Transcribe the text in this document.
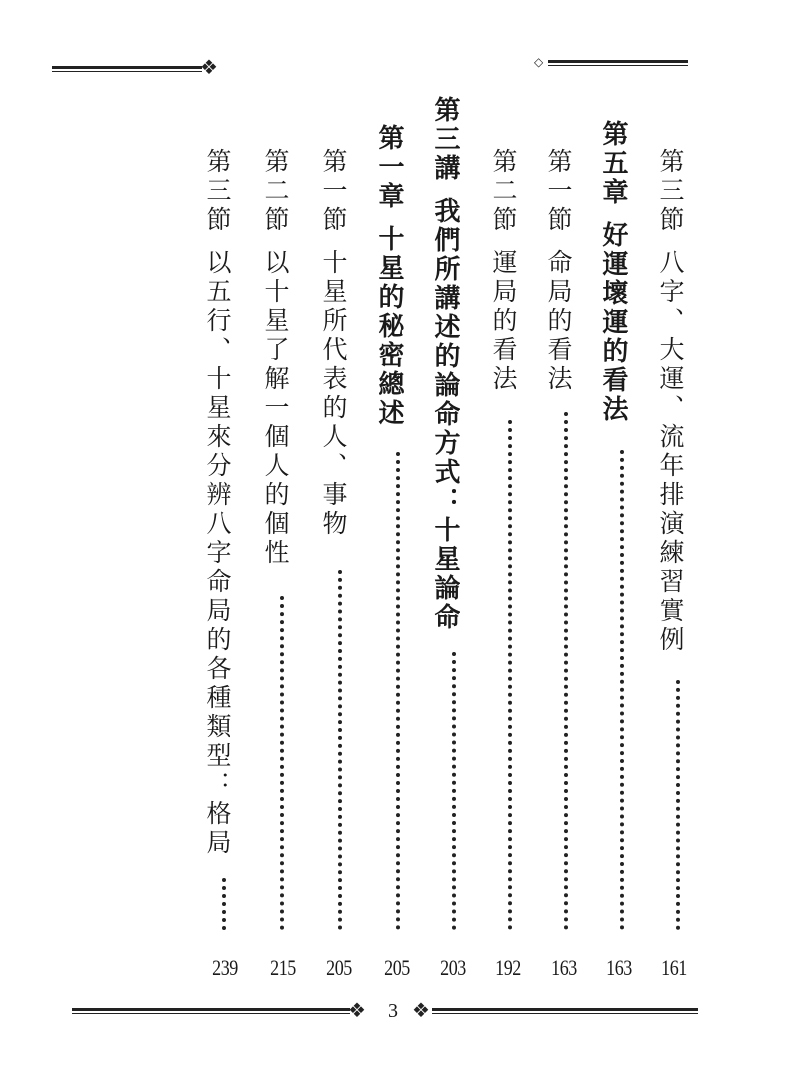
❖	◇
第三節八字、大運、流年排演練習實例
161
第五章好運壞運的看法
163
第一節命局的看法
163
第二節運局的看法
192
第三講我們所講述的論命方式：十星論命
203
第一章十星的秘密總述
205
第一節十星所代表的人、事物
205
第二節以十星了解一個人的個性
215
第三節以五行、十星來分辨八字命局的各種類型：格局
239
❖	3 ❖
